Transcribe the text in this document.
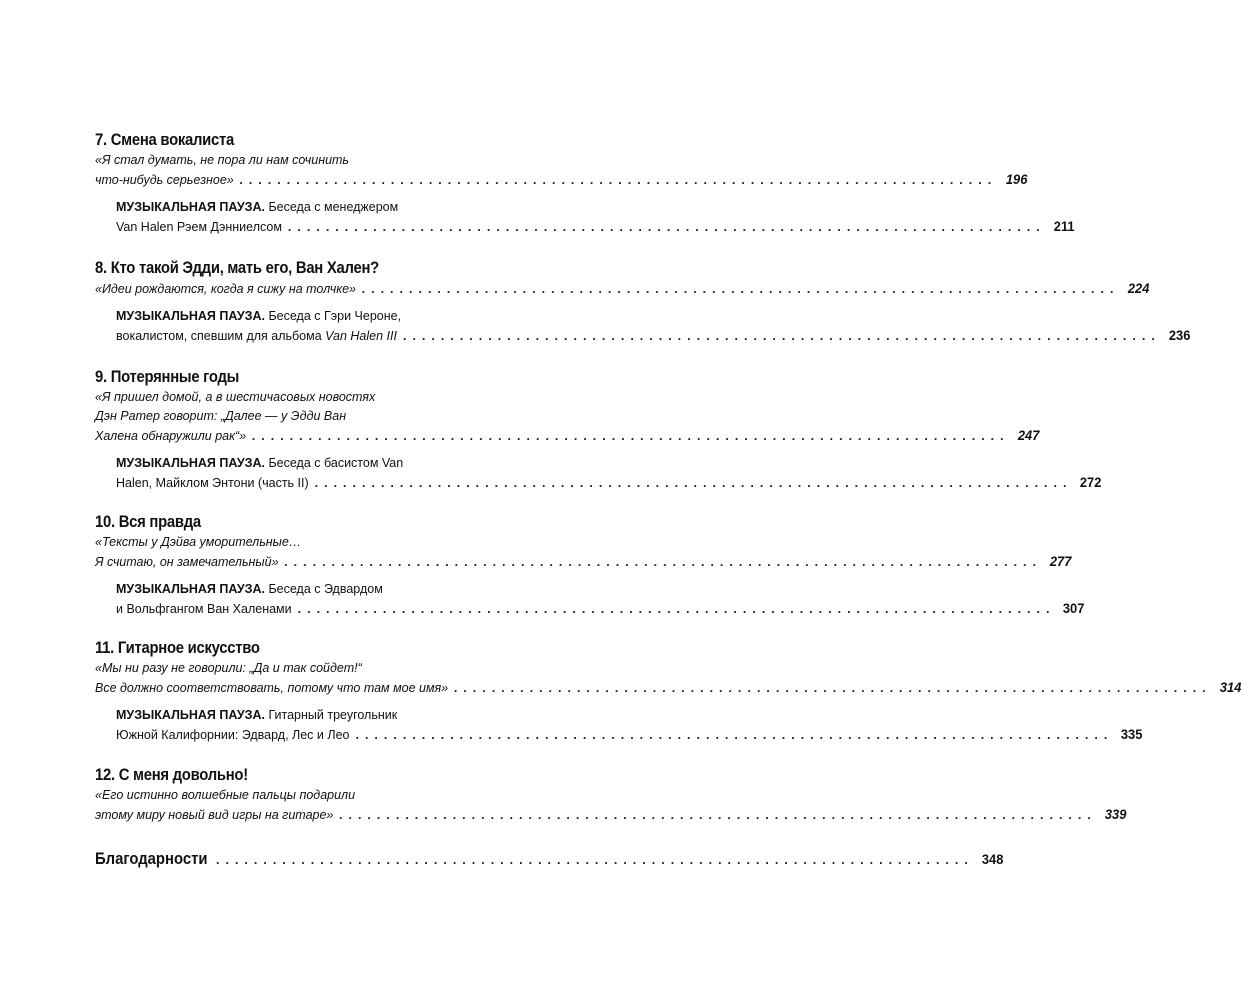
7. Смена вокалиста
«Я стал думать, не пора ли нам сочинить
что-нибудь серьезное» ................................................................................ 196
МУЗЫКАЛЬНАЯ ПАУЗА. Беседа с менеджером
Van Halen Рэем Дэнниелсом ................................................................................ 211
8. Кто такой Эдди, мать его, Ван Хален?
«Идеи рождаются, когда я сижу на толчке» ................................................................................ 224
МУЗЫКАЛЬНАЯ ПАУЗА. Беседа с Гэри Чероне,
вокалистом, спевшим для альбома Van Halen III ................................................................................ 236
9. Потерянные годы
«Я пришел домой, а в шестичасовых новостях
Дэн Ратер говорит: „Далее — у Эдди Ван
Халена обнаружили рак“» ................................................................................ 247
МУЗЫКАЛЬНАЯ ПАУЗА. Беседа с басистом Van
Halen, Майклом Энтони (часть II) ................................................................................ 272
10. Вся правда
«Тексты у Дэйва уморительные…
Я считаю, он замечательный» ................................................................................ 277
МУЗЫКАЛЬНАЯ ПАУЗА. Беседа с Эдвардом
и Вольфгангом Ван Халенами ................................................................................ 307
11. Гитарное искусство
«Мы ни разу не говорили: „Да и так сойдет!“
Все должно соответствовать, потому что там мое имя» ................................................................................ 314
МУЗЫКАЛЬНАЯ ПАУЗА. Гитарный треугольник
Южной Калифорнии: Эдвард, Лес и Лео ................................................................................ 335
12. С меня довольно!
«Его истинно волшебные пальцы подарили
этому миру новый вид игры на гитаре» ................................................................................ 339
Благодарности ................................................................................ 348
